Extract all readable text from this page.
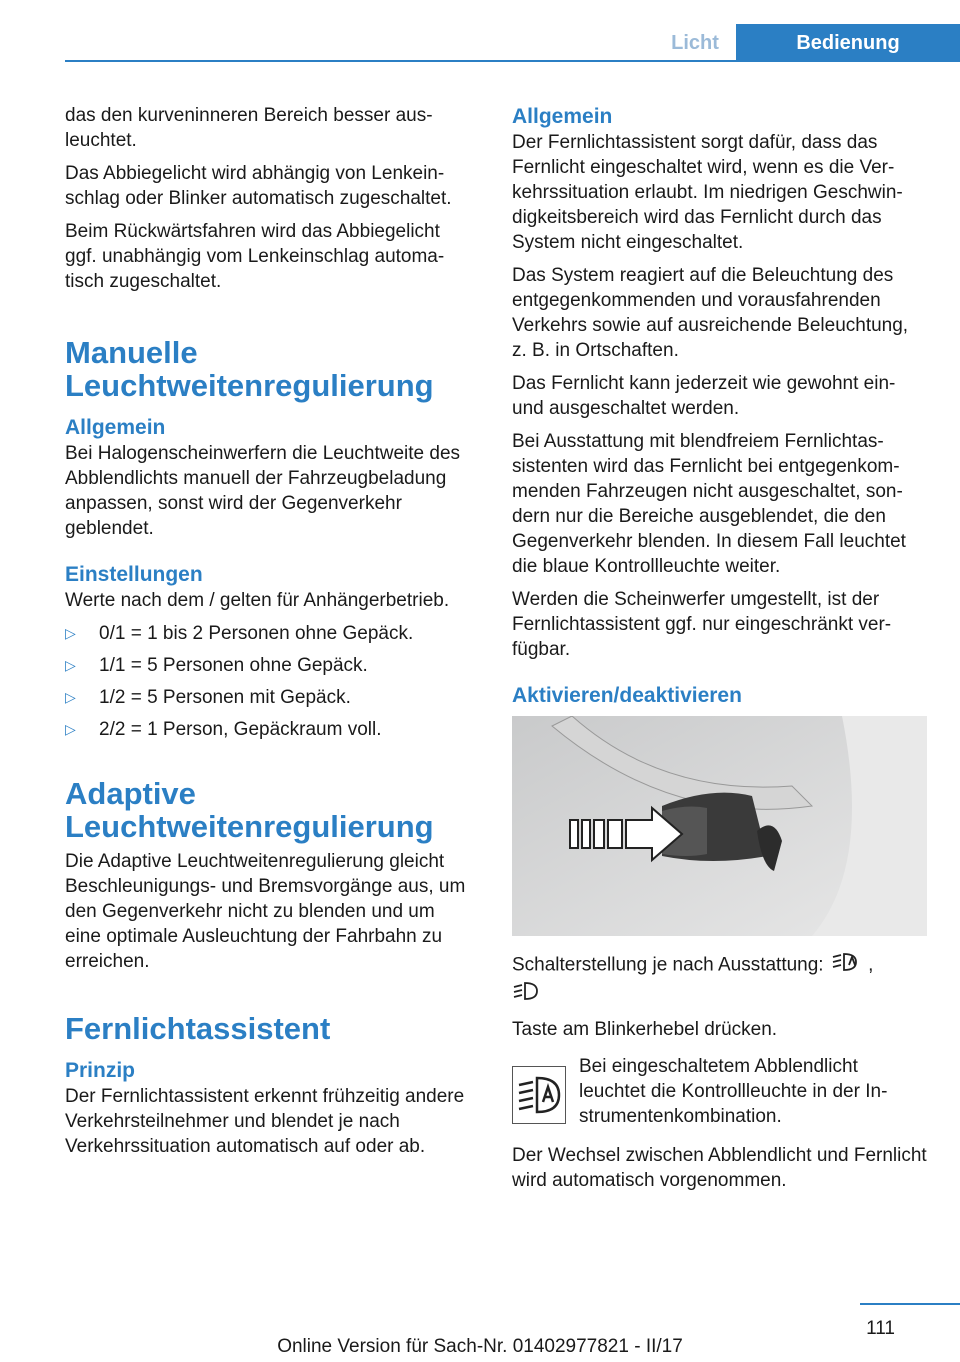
Licht	Bedienung

das den kurveninneren Bereich besser ausleuchtet.

Das Abbiegelicht wird abhängig von Lenkeinschlag oder Blinker automatisch zugeschaltet.

Beim Rückwärtsfahren wird das Abbiegelicht ggf. unabhängig vom Lenkeinschlag automatisch zugeschaltet.

Manuelle Leuchtweitenregulierung
Allgemein

Bei Halogenscheinwerfern die Leuchtweite des Abblendlichts manuell der Fahrzeugbeladung anpassen, sonst wird der Gegenverkehr geblendet.

Einstellungen

Werte nach dem / gelten für Anhängerbetrieb.

▷ 0/1 = 1 bis 2 Personen ohne Gepäck.
▷ 1/1 = 5 Personen ohne Gepäck.
▷ 1/2 = 5 Personen mit Gepäck.
▷ 2/2 = 1 Person, Gepäckraum voll.
Adaptive Leuchtweitenregulierung

Die Adaptive Leuchtweitenregulierung gleicht Beschleunigungs- und Bremsvorgänge aus, um den Gegenverkehr nicht zu blenden und um eine optimale Ausleuchtung der Fahrbahn zu erreichen.

Fernlichtassistent
Prinzip

Der Fernlichtassistent erkennt frühzeitig andere Verkehrsteilnehmer und blendet je nach Verkehrssituation automatisch auf oder ab.

Allgemein

Der Fernlichtassistent sorgt dafür, dass das Fernlicht eingeschaltet wird, wenn es die Verkehrssituation erlaubt. Im niedrigen Geschwindigkeitsbereich wird das Fernlicht durch das System nicht eingeschaltet.

Das System reagiert auf die Beleuchtung des entgegenkommenden und vorausfahrenden Verkehrs sowie auf ausreichende Beleuchtung, z. B. in Ortschaften.

Das Fernlicht kann jederzeit wie gewohnt ein- und ausgeschaltet werden.

Bei Ausstattung mit blendfreiem Fernlichtassistenten wird das Fernlicht bei entgegenkommenden Fahrzeugen nicht ausgeschaltet, sondern nur die Bereiche ausgeblendet, die den Gegenverkehr blenden. In diesem Fall leuchtet die blaue Kontrollleuchte weiter.

Werden die Scheinwerfer umgestellt, ist der Fernlichtassistent ggf. nur eingeschränkt verfügbar.

Aktivieren/deaktivieren

Schalterstellung je nach Ausstattung: ,

Taste am Blinkerhebel drücken.

Bei eingeschaltetem Abblendlicht leuchtet die Kontrollleuchte in der Instrumentenkombination.

Der Wechsel zwischen Abblendlicht und Fernlicht wird automatisch vorgenommen.

111
Online Version für Sach-Nr. 01402977821 - II/17
